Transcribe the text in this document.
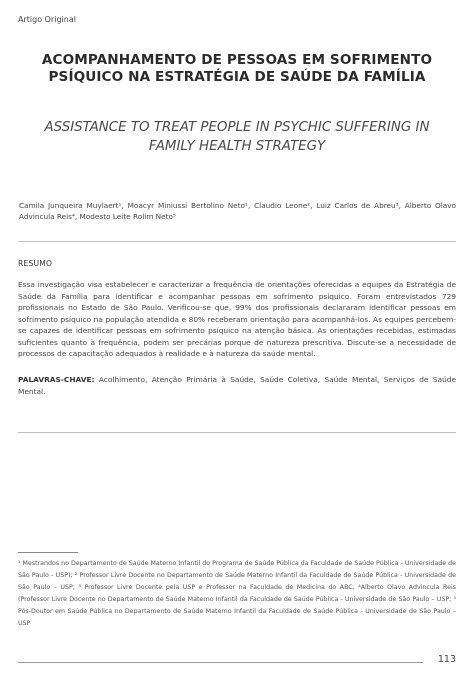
Artigo Original
ACOMPANHAMENTO DE PESSOAS EM SOFRIMENTO PSÍQUICO NA ESTRATÉGIA DE SAÚDE DA FAMÍLIA
ASSISTANCE TO TREAT PEOPLE IN PSYCHIC SUFFERING IN FAMILY HEALTH STRATEGY
Camila Junqueira Muylaert¹, Moacyr Miniussi Bertolino Neto¹, Claudio Leone², Luiz Carlos de Abreu³, Alberto Olavo Advincula Reis⁴, Modesto Leite Rolim Neto⁵
RESUMO
Essa investigação visa estabelecer e caracterizar a frequência de orientações oferecidas a equipes da Estratégia de Saúde da Família para identificar e acompanhar pessoas em sofrimento psíquico. Foram entrevistados 729 profissionais no Estado de São Paulo. Verificou-se que, 99% dos profissionais declararam identificar pessoas em sofrimento psíquico na população atendida e 80% receberam orientação para acompanhá-los. As equipes percebem-se capazes de identificar pessoas em sofrimento psíquico na atenção básica. As orientações recebidas, estimadas suficientes quanto à frequência, podem ser precárias porque de natureza prescritiva. Discute-se a necessidade de processos de capacitação adequados à realidade e à natureza da saúde mental.
PALAVRAS-CHAVE: Acolhimento, Atenção Primária à Saúde, Saúde Coletiva, Saúde Mental, Serviços de Saúde Mental.
¹ Mestrandos no Departamento de Saúde Materno Infantil do Programa de Saúde Pública da Faculdade de Saúde Pública - Universidade de São Paulo - USP); ² Professor Livre Docente no Departamento de Saúde Materno Infantil da Faculdade de Saúde Pública - Universidade de São Paulo – USP; ³ Professor Livre Docente pela USP e Professor na Faculdade de Medicina do ABC, ⁴Alberto Olavo Advincula Reis (Professor Livre Docente no Departamento de Saúde Materno Infantil da Faculdade de Saúde Pública - Universidade de São Paulo – USP; ⁵ Pós-Doutor em Saúde Pública no Departamento de Saúde Materno Infantil da Faculdade de Saúde Pública - Universidade de São Paulo – USP
113
